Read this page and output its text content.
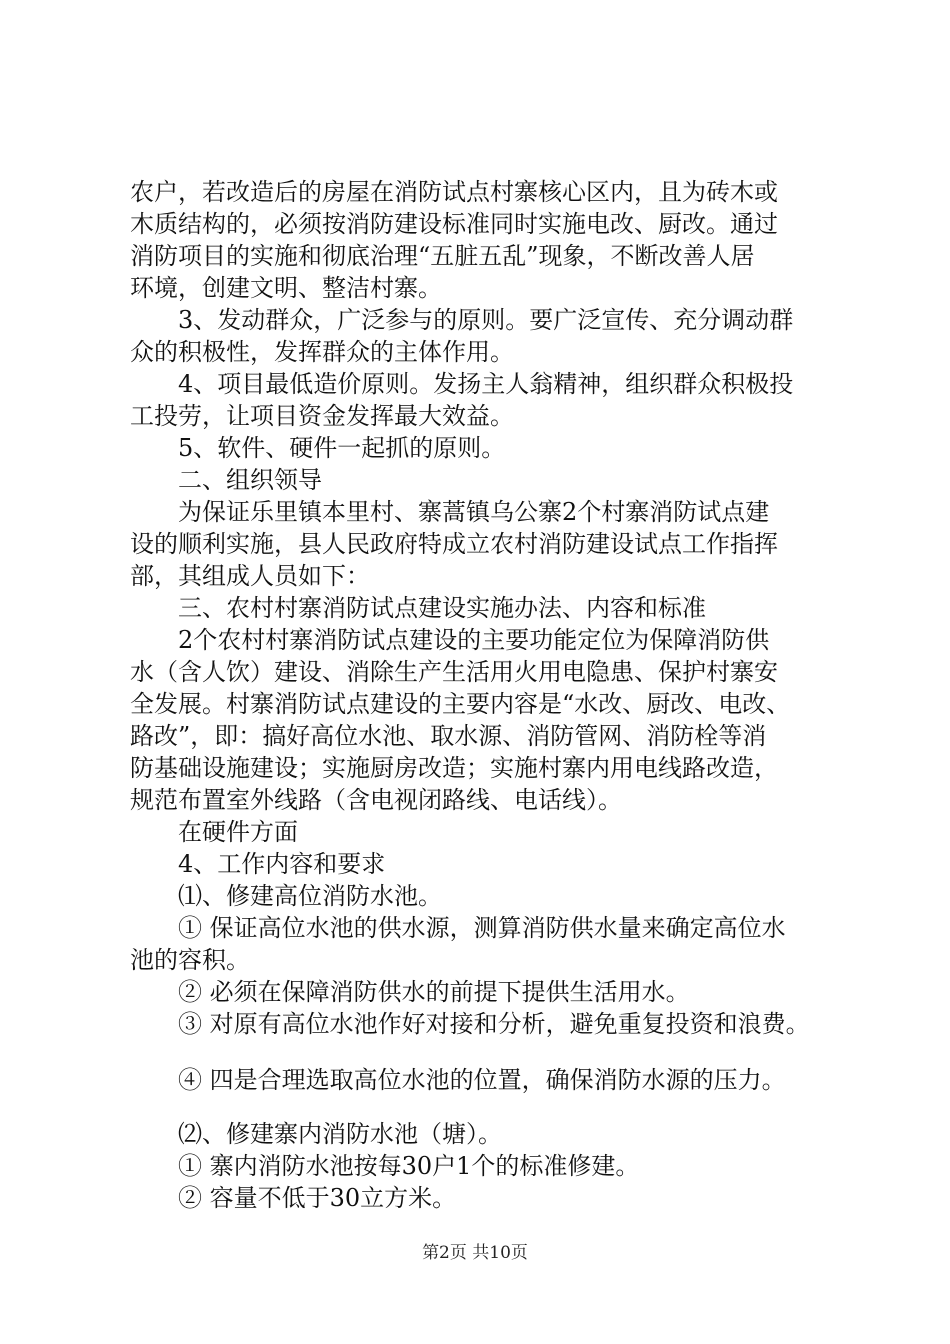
农户，若改造后的房屋在消防试点村寨核心区内，且为砖木或
木质结构的，必须按消防建设标准同时实施电改、厨改。通过
消防项目的实施和彻底治理“五脏五乱”现象，不断改善人居
环境，创建文明、整洁村寨。
3、发动群众，广泛参与的原则。要广泛宣传、充分调动群
众的积极性，发挥群众的主体作用。
4、项目最低造价原则。发扬主人翁精神，组织群众积极投
工投劳，让项目资金发挥最大效益。
5、软件、硬件一起抓的原则。
二、组织领导
为保证乐里镇本里村、寨蒿镇乌公寨2个村寨消防试点建
设的顺利实施，县人民政府特成立农村消防建设试点工作指挥
部，其组成人员如下：
三、农村村寨消防试点建设实施办法、内容和标准
2个农村村寨消防试点建设的主要功能定位为保障消防供
水（含人饮）建设、消除生产生活用火用电隐患、保护村寨安
全发展。村寨消防试点建设的主要内容是“水改、厨改、电改、
路改”，即：搞好高位水池、取水源、消防管网、消防栓等消
防基础设施建设；实施厨房改造；实施村寨内用电线路改造，
规范布置室外线路（含电视闭路线、电话线）。
在硬件方面
4、工作内容和要求
⑴、修建高位消防水池。
① 保证高位水池的供水源，测算消防供水量来确定高位水
池的容积。
② 必须在保障消防供水的前提下提供生活用水。
③ 对原有高位水池作好对接和分析，避免重复投资和浪费。
④ 四是合理选取高位水池的位置，确保消防水源的压力。
⑵、修建寨内消防水池（塘）。
① 寨内消防水池按每30户1个的标准修建。
② 容量不低于30立方米。
第2页 共10页
